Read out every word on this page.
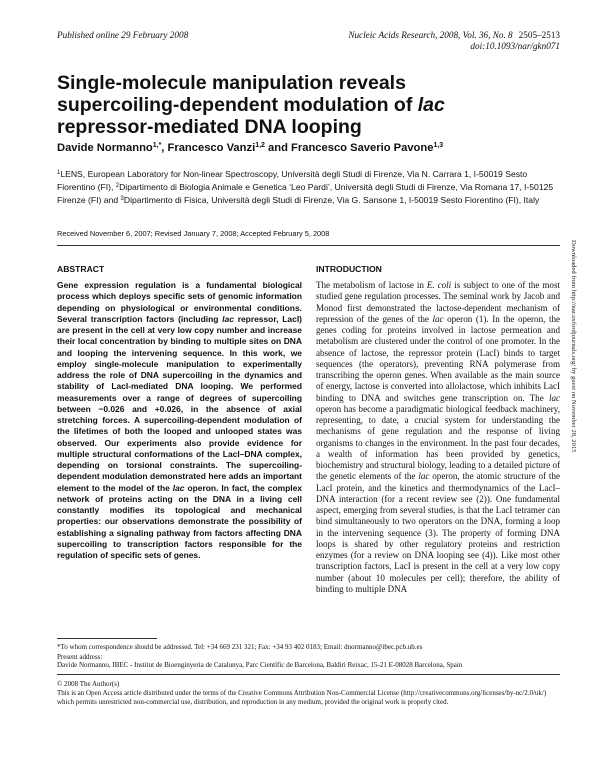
Published online 29 February 2008	Nucleic Acids Research, 2008, Vol. 36, No. 8 2505–2513
doi:10.1093/nar/gkn071
Single-molecule manipulation reveals
supercoiling-dependent modulation of lac
repressor-mediated DNA looping
Davide Normanno$^{1,*}$, Francesco Vanzi$^{1,2}$ and Francesco Saverio Pavone$^{1,3}$
$^1$LENS, European Laboratory for Non-linear Spectroscopy, Università degli Studi di Firenze, Via N. Carrara 1, I-50019 Sesto Fiorentino (FI), $^2$Dipartimento di Biologia Animale e Genetica ‘Leo Pardi’, Università degli Studi di Firenze, Via Romana 17, I-50125 Firenze (FI) and $^3$Dipartimento di Fisica, Università degli Studi di Firenze, Via G. Sansone 1, I-50019 Sesto Fiorentino (FI), Italy
Received November 6, 2007; Revised January 7, 2008; Accepted February 5, 2008
ABSTRACT
Gene expression regulation is a fundamental biological process which deploys specific sets of genomic information depending on physiological or environmental conditions. Several transcription factors (including lac repressor, LacI) are present in the cell at very low copy number and increase their local concentration by binding to multiple sites on DNA and looping the intervening sequence. In this work, we employ single-molecule manipulation to experimentally address the role of DNA supercoiling in the dynamics and stability of LacI-mediated DNA looping. We performed measurements over a range of degrees of supercoiling between −0.026 and +0.026, in the absence of axial stretching forces. A supercoiling-dependent modulation of the lifetimes of both the looped and unlooped states was observed. Our experiments also provide evidence for multiple structural conformations of the LacI–DNA complex, depending on torsional constraints. The supercoiling-dependent modulation demonstrated here adds an important element to the model of the lac operon. In fact, the complex network of proteins acting on the DNA in a living cell constantly modifies its topological and mechanical properties: our observations demonstrate the possibility of establishing a signaling pathway from factors affecting DNA supercoiling to transcription factors responsible for the regulation of specific sets of genes.
INTRODUCTION

The metabolism of lactose in E. coli is subject to one of the most studied gene regulation processes. The seminal work by Jacob and Monod first demonstrated the lactose-dependent mechanism of repression of the genes of the lac operon (1). In the operon, the genes coding for proteins involved in lactose permeation and metabolism are clustered under the control of one promoter. In the absence of lactose, the repressor protein (LacI) binds to target sequences (the operators), preventing RNA polymerase from transcribing the operon genes. When available as the main source of energy, lactose is converted into allolactose, which inhibits LacI binding to DNA and switches gene transcription on. The lac operon has become a paradigmatic biological feedback machinery, representing, to date, a crucial system for understanding the mechanisms of gene regulation and the response of living organisms to changes in the environment. In the past four decades, a wealth of information has been provided by genetics, biochemistry and structural biology, leading to a detailed picture of the genetic elements of the lac operon, the atomic structure of the LacI protein, and the kinetics and thermodynamics of the LacI–DNA interaction (for a recent review see (2)). One fundamental aspect, emerging from several studies, is that the LacI tetramer can bind simultaneously to two operators on the DNA, forming a loop in the intervening sequence (3). The property of forming DNA loops is shared by other regulatory proteins and restriction enzymes (for a review on DNA looping see (4)). Like most other transcription factors, LacI is present in the cell at a very low copy number (about 10 molecules per cell); therefore, the ability of binding to multiple DNA

Downloaded from http://nar.oxfordjournals.org/ by guest on November 28, 2015
*To whom correspondence should be addressed. Tel: +34 669 231 321; Fax: +34 93 402 0183; Email: dnormanno@ibec.pcb.ub.es
Present address:
Davide Normanno, IBEC - Institut de Bioenginyeria de Catalunya, Parc Científic de Barcelona, Baldiri Reixac, 15-21 E-08028 Barcelona, Spain
© 2008 The Author(s)
This is an Open Access article distributed under the terms of the Creative Commons Attribution Non-Commercial License (http://creativecommons.org/licenses/by-nc/2.0/uk/) which permits unrestricted non-commercial use, distribution, and reproduction in any medium, provided the original work is properly cited.
